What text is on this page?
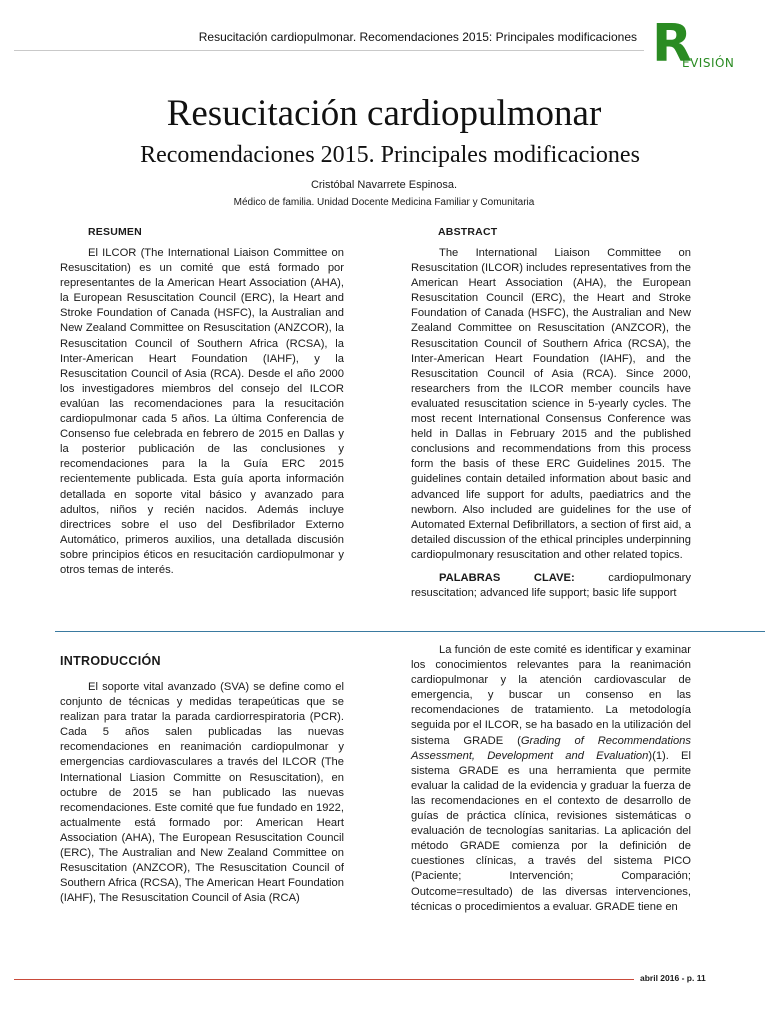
Resucitación cardiopulmonar. Recomendaciones 2015: Principales modificaciones R
EVISIÓN
Resucitación cardiopulmonar
Recomendaciones 2015. Principales modificaciones
Cristóbal Navarrete Espinosa.
Médico de familia. Unidad Docente Medicina Familiar y Comunitaria
RESUMEN

El ILCOR (The International Liaison Committee on Resuscitation) es un comité que está formado por representantes de la American Heart Association (AHA), la European Resuscitation Council (ERC), la Heart and Stroke Foundation of Canada (HSFC), la Australian and New Zealand Committee on Resuscitation (ANZCOR), la Resuscitation Council of Southern Africa (RCSA), la Inter-American Heart Foundation (IAHF), y la Resuscitation Council of Asia (RCA). Desde el año 2000 los investigadores miembros del consejo del ILCOR evalúan las recomendaciones para la resucitación cardiopulmonar cada 5 años. La última Conferencia de Consenso fue celebrada en febrero de 2015 en Dallas y la posterior publicación de las conclusiones y recomendaciones para la la Guía ERC 2015 recientemente publicada. Esta guía aporta información detallada en soporte vital básico y avanzado para adultos, niños y recién nacidos. Además incluye directrices sobre el uso del Desfibrilador Externo Automático, primeros auxilios, una detallada discusión sobre principios éticos en resucitación cardiopulmonar y otros temas de interés.

ABSTRACT

The International Liaison Committee on Resuscitation (ILCOR) includes representatives from the American Heart Association (AHA), the European Resuscitation Council (ERC), the Heart and Stroke Foundation of Canada (HSFC), the Australian and New Zealand Committee on Resuscitation (ANZCOR), the Resuscitation Council of Southern Africa (RCSA), the Inter-American Heart Foundation (IAHF), and the Resuscitation Council of Asia (RCA). Since 2000, researchers from the ILCOR member councils have evaluated resuscitation science in 5-yearly cycles. The most recent International Consensus Conference was held in Dallas in February 2015 and the published conclusions and recommendations from this process form the basis of these ERC Guidelines 2015. The guidelines contain detailed information about basic and advanced life support for adults, paediatrics and the newborn. Also included are guidelines for the use of Automated External Defibrillators, a section of first aid, a detailed discussion of the ethical principles underpinning cardiopulmonary resuscitation and other related topics.

PALABRAS CLAVE:	cardiopulmonary resuscitation; advanced life support; basic life support

INTRODUCCIÓN

El soporte vital avanzado (SVA) se define como el conjunto de técnicas y medidas terapeúticas que se realizan para tratar la parada cardiorrespiratoria (PCR). Cada 5 años salen publicadas las nuevas recomendaciones en reanimación cardiopulmonar y emergencias cardiovasculares a través del ILCOR (The International Liasion Committe on Resuscitation), en octubre de 2015 se han publicado las nuevas recomendaciones. Este comité que fue fundado en 1922, actualmente está formado por: American Heart Association (AHA), The European Resuscitation Council (ERC), The Australian and New Zealand Committee on Resuscitation (ANZCOR), The Resuscitation Council of Southern Africa (RCSA), The American Heart Foundation (IAHF), The Resuscitation Council of Asia (RCA)

La función de este comité es identificar y examinar los conocimientos relevantes para la reanimación cardiopulmonar y la atención cardiovascular de emergencia, y buscar un consenso en las recomendaciones de tratamiento. La metodología seguida por el ILCOR, se ha basado en la utilización del sistema GRADE (Grading of Recommendations Assessment, Development and Evaluation)(1). El sistema GRADE es una herramienta que permite evaluar la calidad de la evidencia y graduar la fuerza de las recomendaciones en el contexto de desarrollo de guías de práctica clínica, revisiones sistemáticas o evaluación de tecnologías sanitarias. La aplicación del método GRADE comienza por la definición de cuestiones clínicas, a través del sistema PICO (Paciente; Intervención; Comparación; Outcome=resultado) de las diversas intervenciones, técnicas o procedimientos a evaluar. GRADE tiene en

abril 2016 - p. 11
